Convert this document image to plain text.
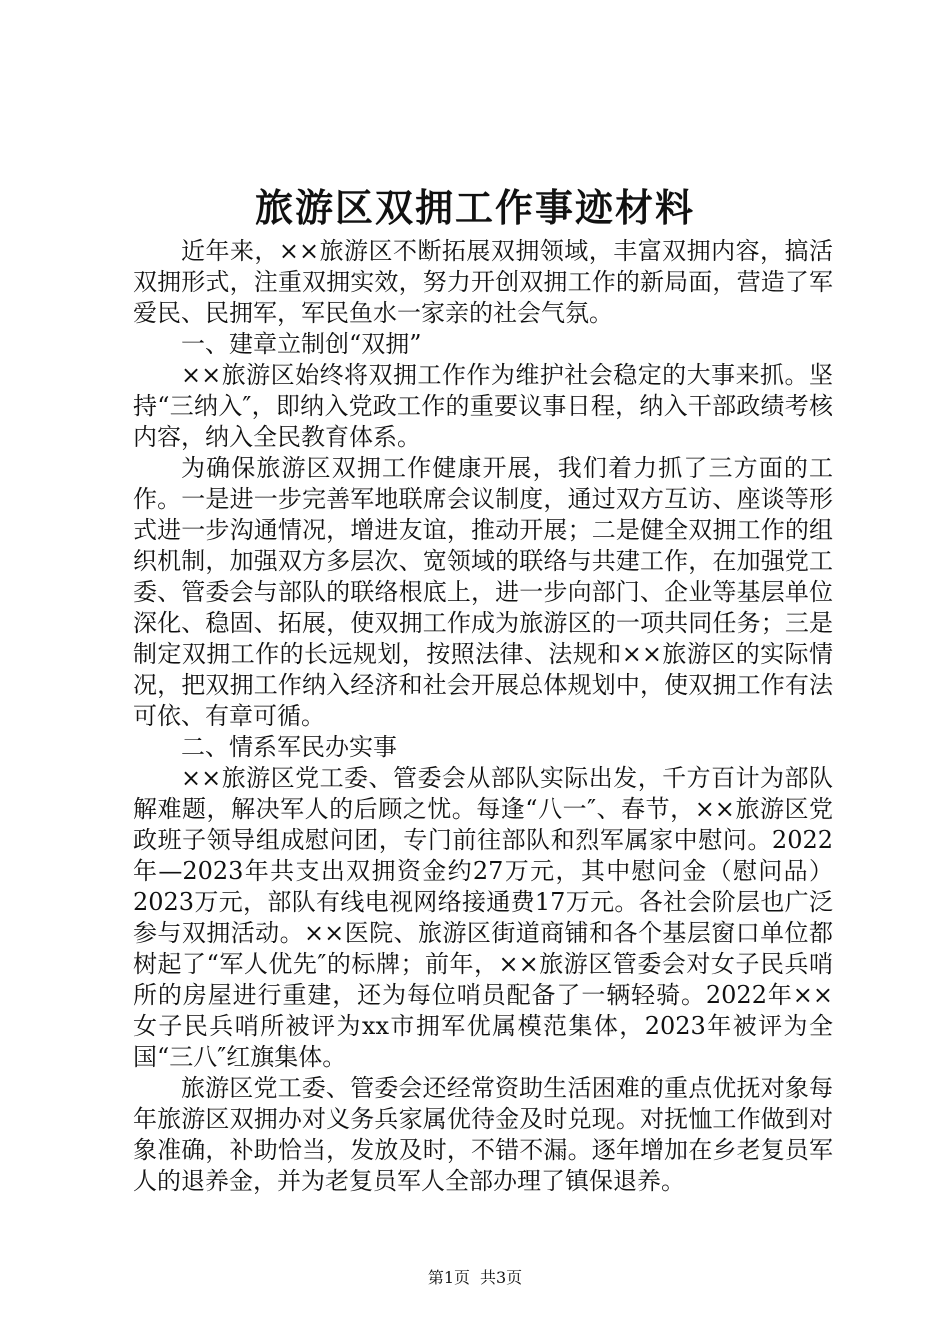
旅游区双拥工作事迹材料

近年来，××旅游区不断拓展双拥领域，丰富双拥内容，搞活双拥形式，注重双拥实效，努力开创双拥工作的新局面，营造了军爱民、民拥军，军民鱼水一家亲的社会气氛。

一、建章立制创“双拥”

××旅游区始终将双拥工作作为维护社会稳定的大事来抓。坚持“三纳入″，即纳入党政工作的重要议事日程，纳入干部政绩考核内容，纳入全民教育体系。

为确保旅游区双拥工作健康开展，我们着力抓了三方面的工作。一是进一步完善军地联席会议制度，通过双方互访、座谈等形式进一步沟通情况，增进友谊，推动开展；二是健全双拥工作的组织机制，加强双方多层次、宽领域的联络与共建工作，在加强党工委、管委会与部队的联络根底上，进一步向部门、企业等基层单位深化、稳固、拓展，使双拥工作成为旅游区的一项共同任务；三是制定双拥工作的长远规划，按照法律、法规和××旅游区的实际情况，把双拥工作纳入经济和社会开展总体规划中，使双拥工作有法可依、有章可循。

二、情系军民办实事

××旅游区党工委、管委会从部队实际出发，千方百计为部队解难题，解决军人的后顾之忧。每逢“八一″、春节，××旅游区党政班子领导组成慰问团，专门前往部队和烈军属家中慰问。2022年—2023年共支出双拥资金约27万元，其中慰问金（慰问品）2023万元，部队有线电视网络接通费17万元。各社会阶层也广泛参与双拥活动。××医院、旅游区街道商铺和各个基层窗口单位都树起了“军人优先″的标牌；前年，××旅游区管委会对女子民兵哨所的房屋进行重建，还为每位哨员配备了一辆轻骑。2022年××女子民兵哨所被评为xx市拥军优属模范集体，2023年被评为全国“三八″红旗集体。

旅游区党工委、管委会还经常资助生活困难的重点优抚对象每年旅游区双拥办对义务兵家属优待金及时兑现。对抚恤工作做到对象准确，补助恰当，发放及时，不错不漏。逐年增加在乡老复员军人的退养金，并为老复员军人全部办理了镇保退养。

第1页 共3页
